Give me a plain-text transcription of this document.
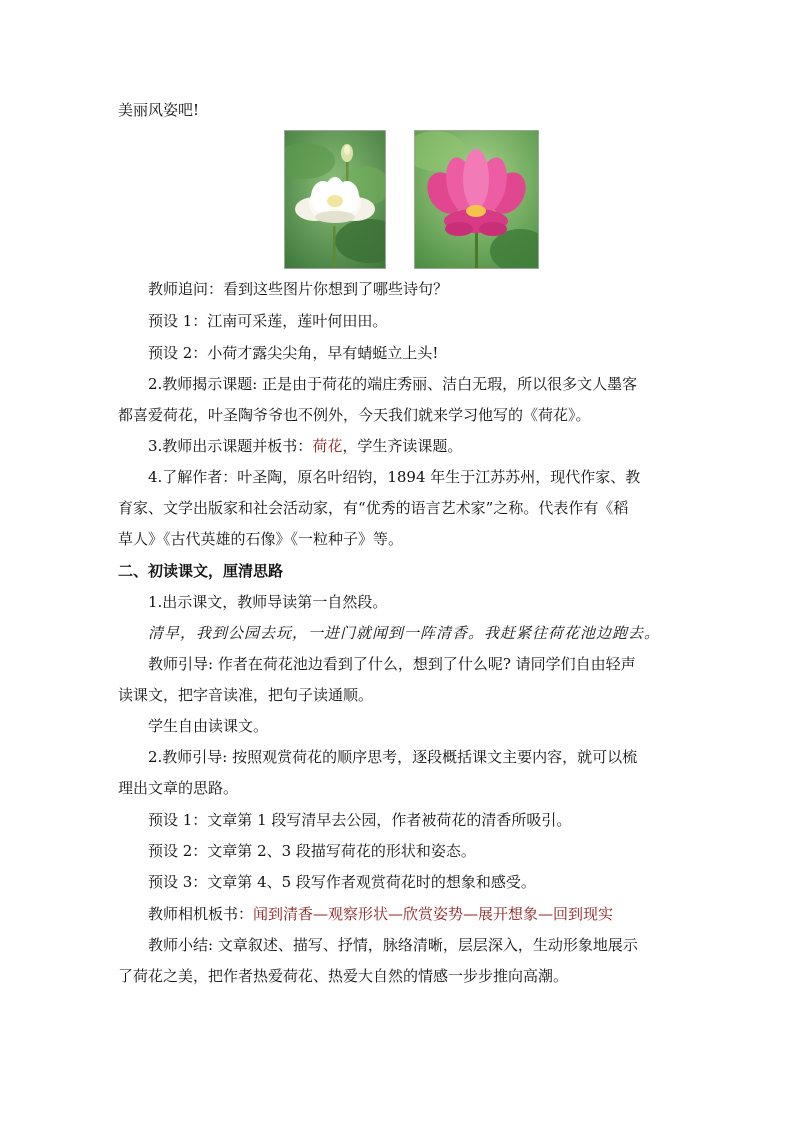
美丽风姿吧!
教师追问：看到这些图片你想到了哪些诗句？
预设 1：江南可采莲，莲叶何田田。
预设 2：小荷才露尖尖角，早有蜻蜓立上头!
2.教师揭示课题: 正是由于荷花的端庄秀丽、洁白无瑕，所以很多文人墨客
都喜爱荷花，叶圣陶爷爷也不例外，今天我们就来学习他写的《荷花》。
3.教师出示课题并板书：荷花，学生齐读课题。
4.了解作者：叶圣陶，原名叶绍钧，1894 年生于江苏苏州，现代作家、教
育家、文学出版家和社会活动家，有“优秀的语言艺术家”之称。代表作有《稻
草人》《古代英雄的石像》《一粒种子》等。
二、初读课文，厘清思路
1.出示课文，教师导读第一自然段。
清早，我到公园去玩，一进门就闻到一阵清香。我赶紧往荷花池边跑去。
教师引导: 作者在荷花池边看到了什么，想到了什么呢? 请同学们自由轻声
读课文，把字音读准，把句子读通顺。
学生自由读课文。
2.教师引导: 按照观赏荷花的顺序思考，逐段概括课文主要内容，就可以梳
理出文章的思路。
预设 1：文章第 1 段写清早去公园，作者被荷花的清香所吸引。
预设 2：文章第 2、3 段描写荷花的形状和姿态。
预设 3：文章第 4、5 段写作者观赏荷花时的想象和感受。
教师相机板书：闻到清香—观察形状—欣赏姿势—展开想象—回到现实
教师小结: 文章叙述、描写、抒情，脉络清晰，层层深入，生动形象地展示
了荷花之美，把作者热爱荷花、热爱大自然的情感一步步推向高潮。
